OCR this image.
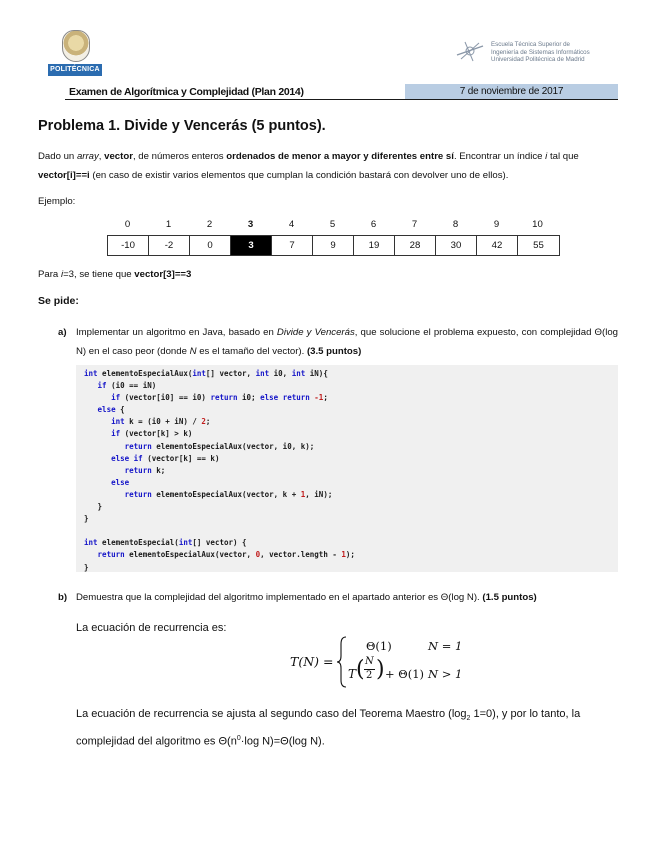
POLITÉCNICA
Escuela Técnica Superior de
Ingeniería de Sistemas Informáticos
Universidad Politécnica de Madrid
Examen de Algorítmica y Complejidad (Plan 2014)	7 de noviembre de 2017
Problema 1. Divide y Vencerás (5 puntos).
Dado un array, vector, de números enteros ordenados de menor a mayor y diferentes entre sí. Encontrar un índice i tal que vector[i]==i (en caso de existir varios elementos que cumplan la condición bastará con devolver uno de ellos).
Ejemplo:
0	1	2	3	4	5	6	7	8	9	10
-10	-2	0	3	7	9	19	28	30	42	55
Para i=3, se tiene que vector[3]==3
Se pide:
a) Implementar un algoritmo en Java, basado en Divide y Vencerás, que solucione el problema expuesto, con complejidad Θ(log N) en el caso peor (donde N es el tamaño del vector). (3.5 puntos)
int elementoEspecialAux(int[] vector, int i0, int iN){
if (i0 == iN)
if (vector[i0] == i0) return i0; else return -1;
else {
int k = (i0 + iN) / 2;
if (vector[k] > k)
return elementoEspecialAux(vector, i0, k);
else if (vector[k] == k)
return k;
else
return elementoEspecialAux(vector, k + 1, iN);
}
}

int elementoEspecial(int[] vector) {
return elementoEspecialAux(vector, 0, vector.length - 1);
}
b) Demuestra que la complejidad del algoritmo implementado en el apartado anterior es Θ(log N). (1.5 puntos)
La ecuación de recurrencia es:
T(N) =
Θ(1)	N = 1
T ( N
2 ) + Θ(1) N > 1
La ecuación de recurrencia se ajusta al segundo caso del Teorema Maestro ($\log_2$ 1=0), y por lo tanto, la complejidad del algoritmo es $\Theta(n^0\cdot\log$ N)=Θ(log N).
